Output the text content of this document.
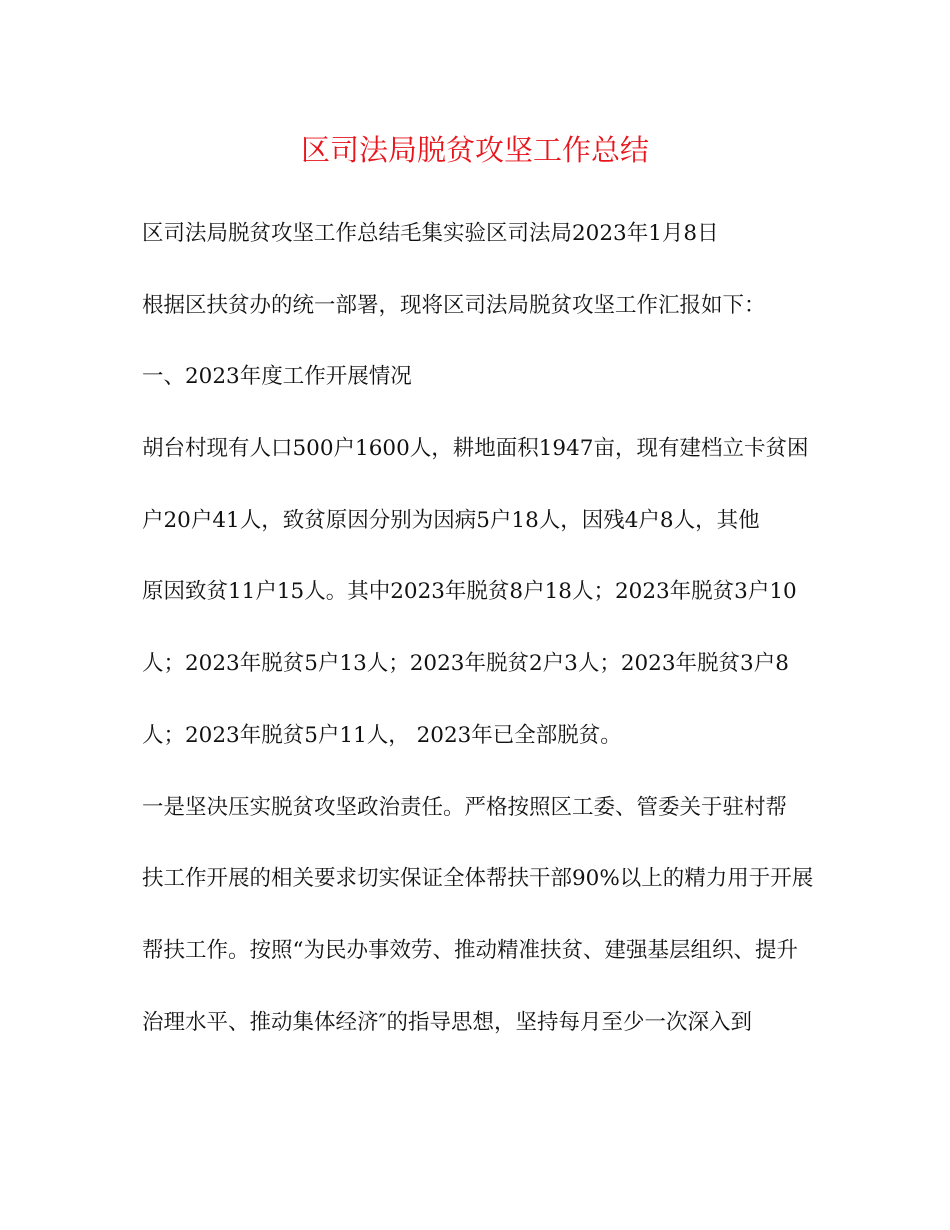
区司法局脱贫攻坚工作总结
区司法局脱贫攻坚工作总结毛集实验区司法局2023年1月8日
根据区扶贫办的统一部署，现将区司法局脱贫攻坚工作汇报如下：
一、2023年度工作开展情况
胡台村现有人口500户1600人，耕地面积1947亩，现有建档立卡贫困
户20户41人，致贫原因分别为因病5户18人，因残4户8人，其他
原因致贫11户15人。其中2023年脱贫8户18人；2023年脱贫3户10
人；2023年脱贫5户13人；2023年脱贫2户3人；2023年脱贫3户8
人；2023年脱贫5户11人， 2023年已全部脱贫。
一是坚决压实脱贫攻坚政治责任。严格按照区工委、管委关于驻村帮
扶工作开展的相关要求切实保证全体帮扶干部90%以上的精力用于开展
帮扶工作。按照“为民办事效劳、推动精准扶贫、建强基层组织、提升
治理水平、推动集体经济″的指导思想，坚持每月至少一次深入到
